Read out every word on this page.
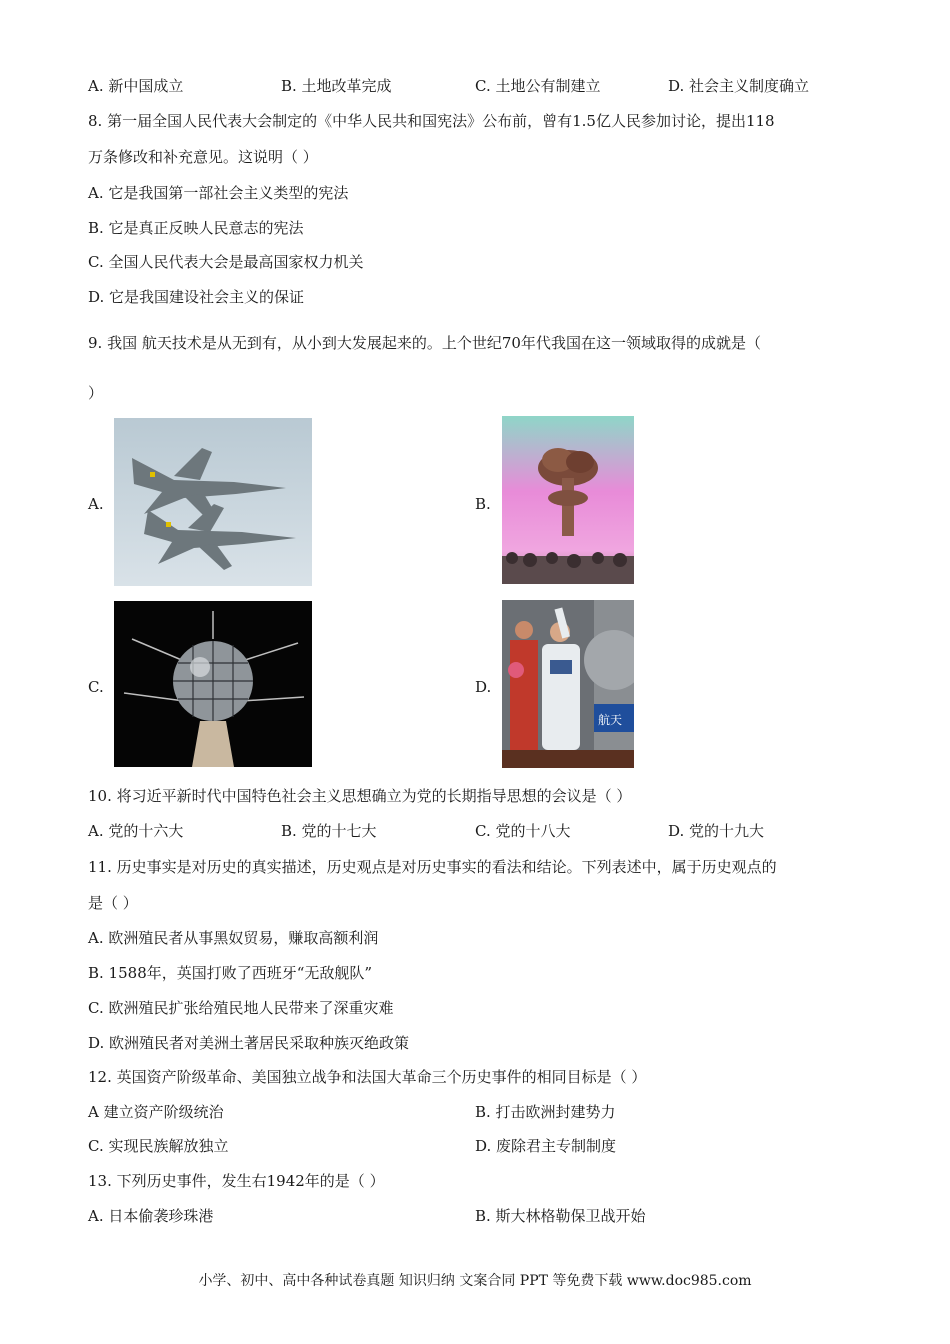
A. 新中国成立	B. 土地改革完成	C. 土地公有制建立	D. 社会主义制度确立
8. 第一届全国人民代表大会制定的《中华人民共和国宪法》公布前，曾有1.5亿人民参加讨论，提出118
万条修改和补充意见。这说明（ ）
A. 它是我国第一部社会主义类型的宪法
B. 它是真正反映人民意志的宪法
C. 全国人民代表大会是最高国家权力机关
D. 它是我国建设社会主义的保证
9. 我国 航天技术是从无到有，从小到大发展起来的。上个世纪70年代我国在这一领域取得的成就是（
）
A.	B.
C.	D.
航天
10. 将习近平新时代中国特色社会主义思想确立为党的长期指导思想的会议是（ ）
A. 党的十六大	B. 党的十七大	C. 党的十八大	D. 党的十九大
11. 历史事实是对历史的真实描述，历史观点是对历史事实的看法和结论。下列表述中，属于历史观点的
是（ ）
A. 欧洲殖民者从事黑奴贸易，赚取高额利润
B. 1588年，英国打败了西班牙“无敌舰队”
C. 欧洲殖民扩张给殖民地人民带来了深重灾难
D. 欧洲殖民者对美洲土著居民采取种族灭绝政策
12. 英国资产阶级革命、美国独立战争和法国大革命三个历史事件的相同目标是（ ）
A 建立资产阶级统治	B. 打击欧洲封建势力
C. 实现民族解放独立	D. 废除君主专制制度
13. 下列历史事件，发生右1942年的是（ ）
A. 日本偷袭珍珠港	B. 斯大林格勒保卫战开始
小学、初中、高中各种试卷真题 知识归纳 文案合同 PPT 等免费下载 www.doc985.com
